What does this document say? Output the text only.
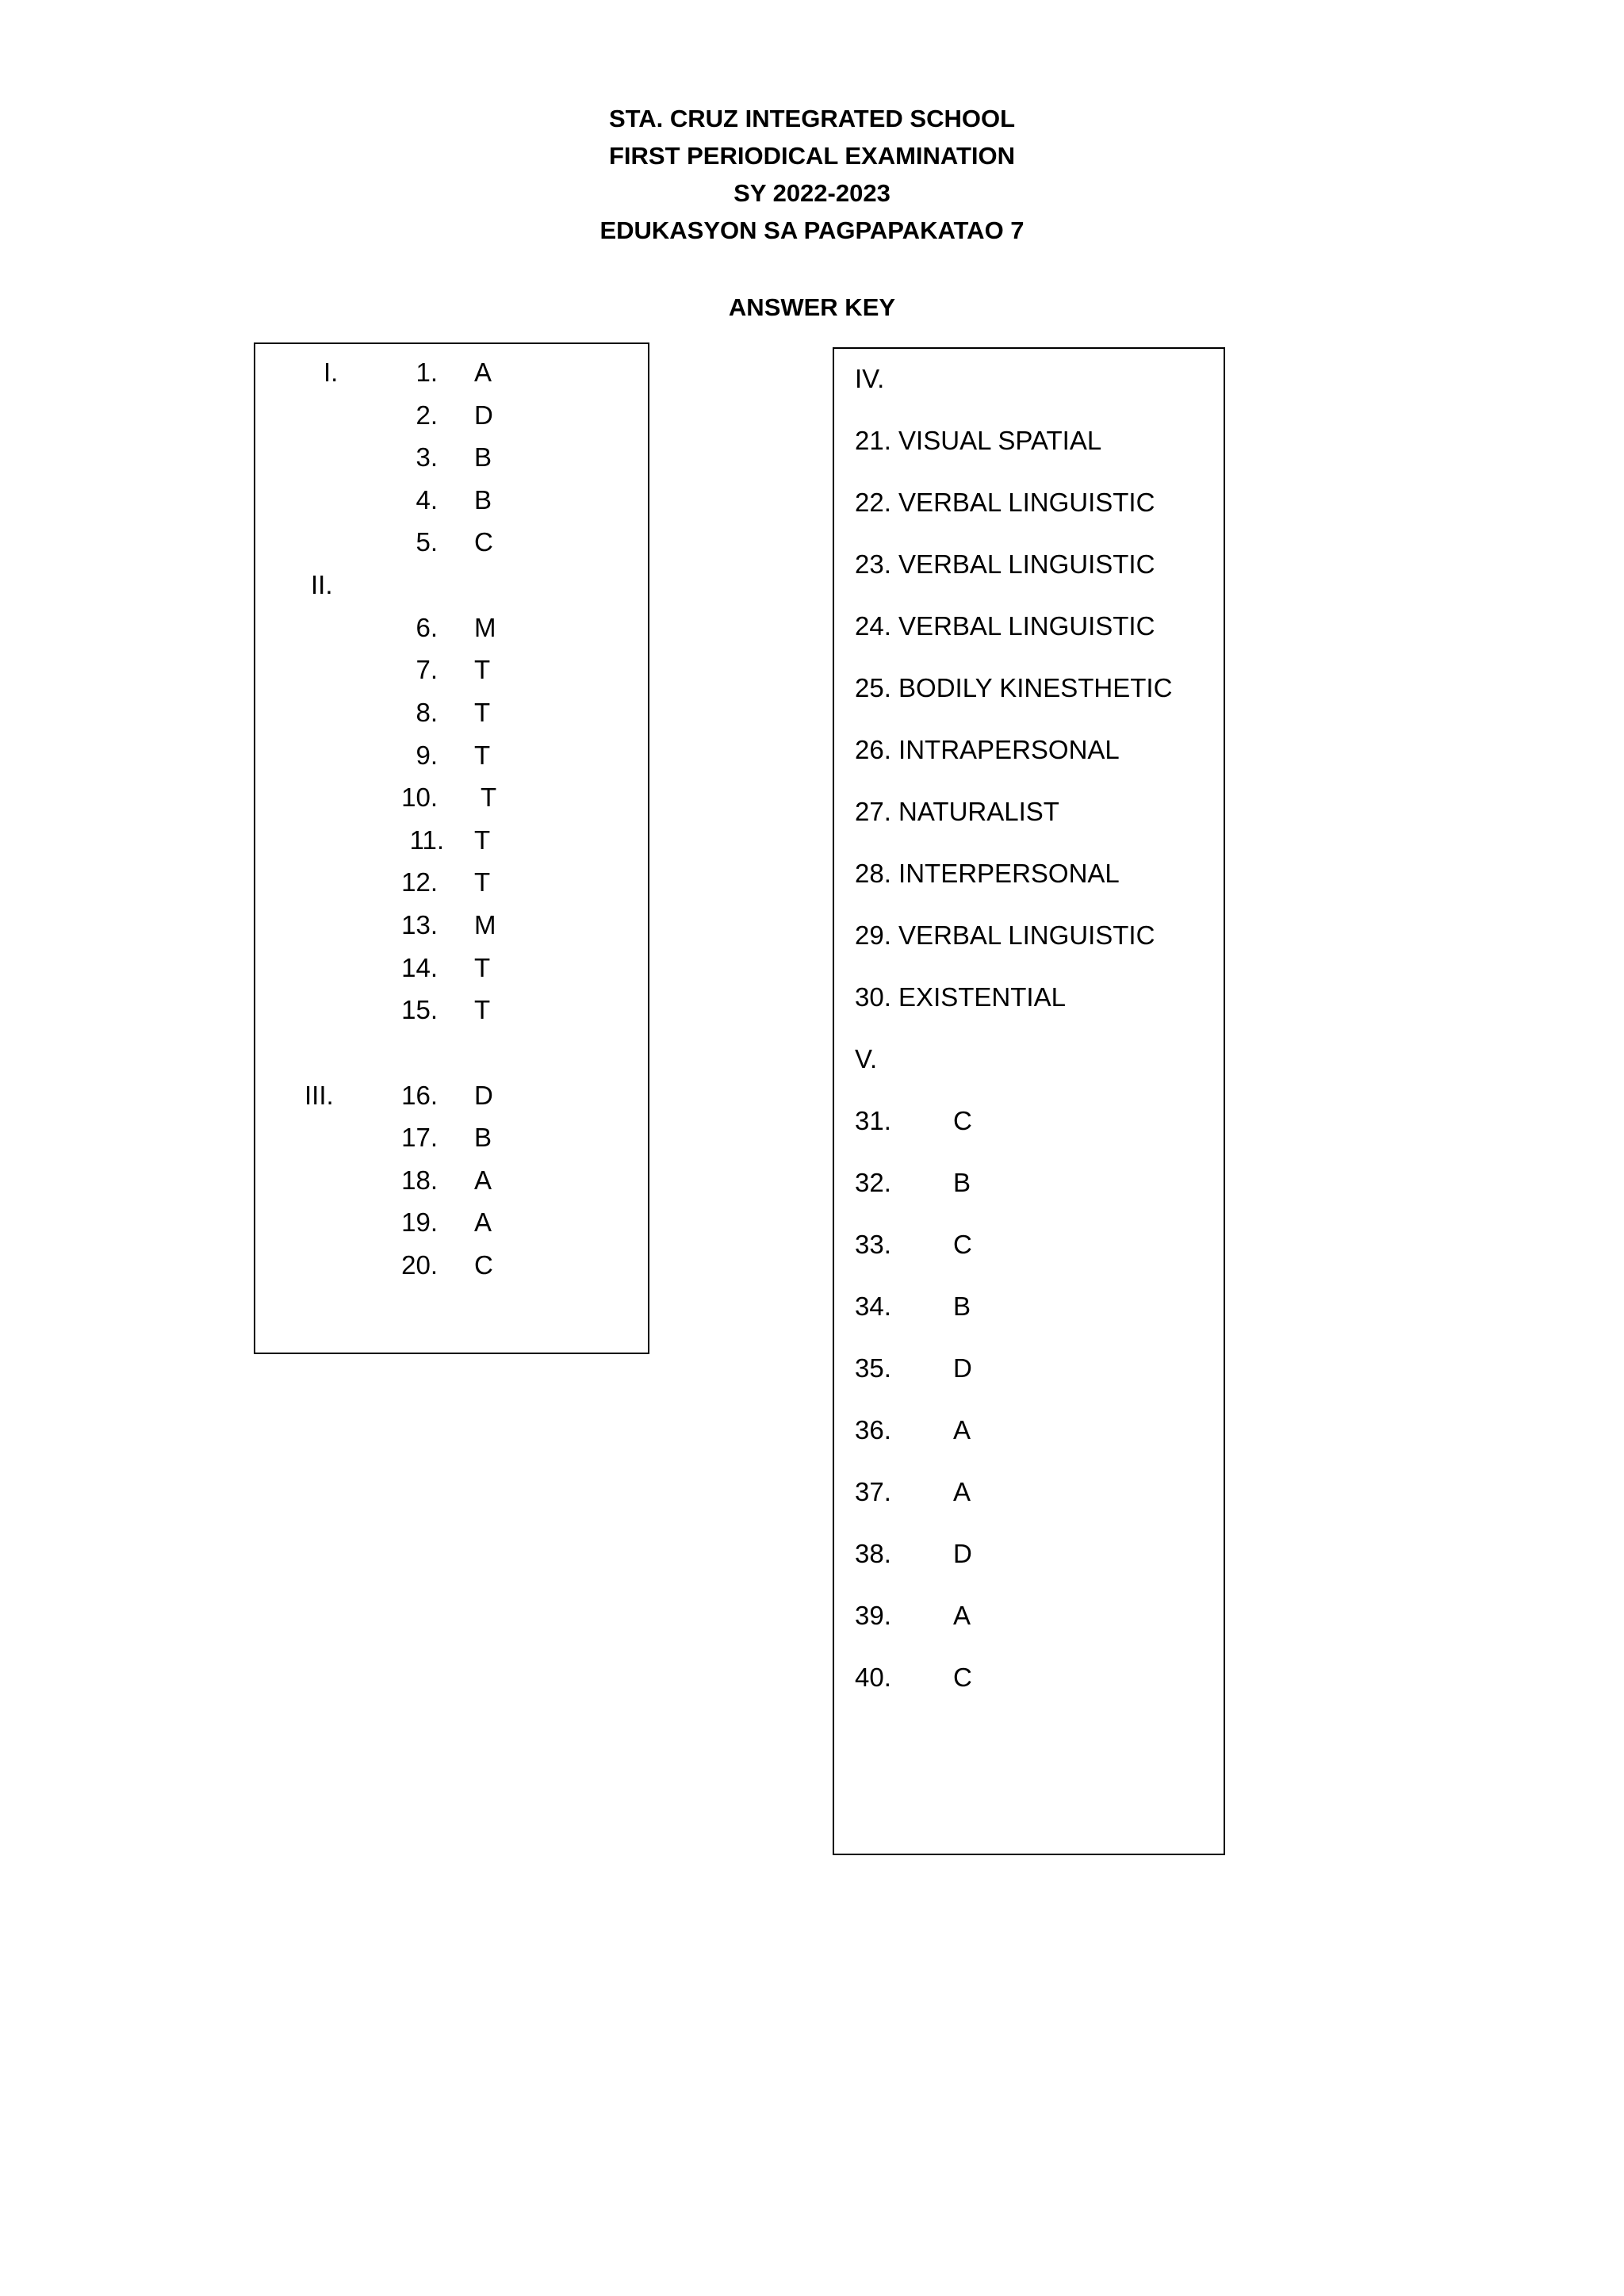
STA. CRUZ INTEGRATED SCHOOL
FIRST PERIODICAL EXAMINATION
SY 2022-2023
EDUKASYON SA PAGPAPAKATAO 7
ANSWER KEY
I.
II.
III.
1. A
2. D
3. B
4. B
5. C
6. M
7. T
8. T
9. T
10. T
11. T
12. T
13. M
14. T
15. T
16. D
17. B
18. A
19. A
20. C
IV.
21. VISUAL SPATIAL
22. VERBAL LINGUISTIC
23. VERBAL LINGUISTIC
24. VERBAL LINGUISTIC
25. BODILY KINESTHETIC
26. INTRAPERSONAL
27. NATURALIST
28. INTERPERSONAL
29. VERBAL LINGUISTIC
30. EXISTENTIAL
V.
31. C
32. B
33. C
34. B
35. D
36. A
37. A
38. D
39. A
40. C
